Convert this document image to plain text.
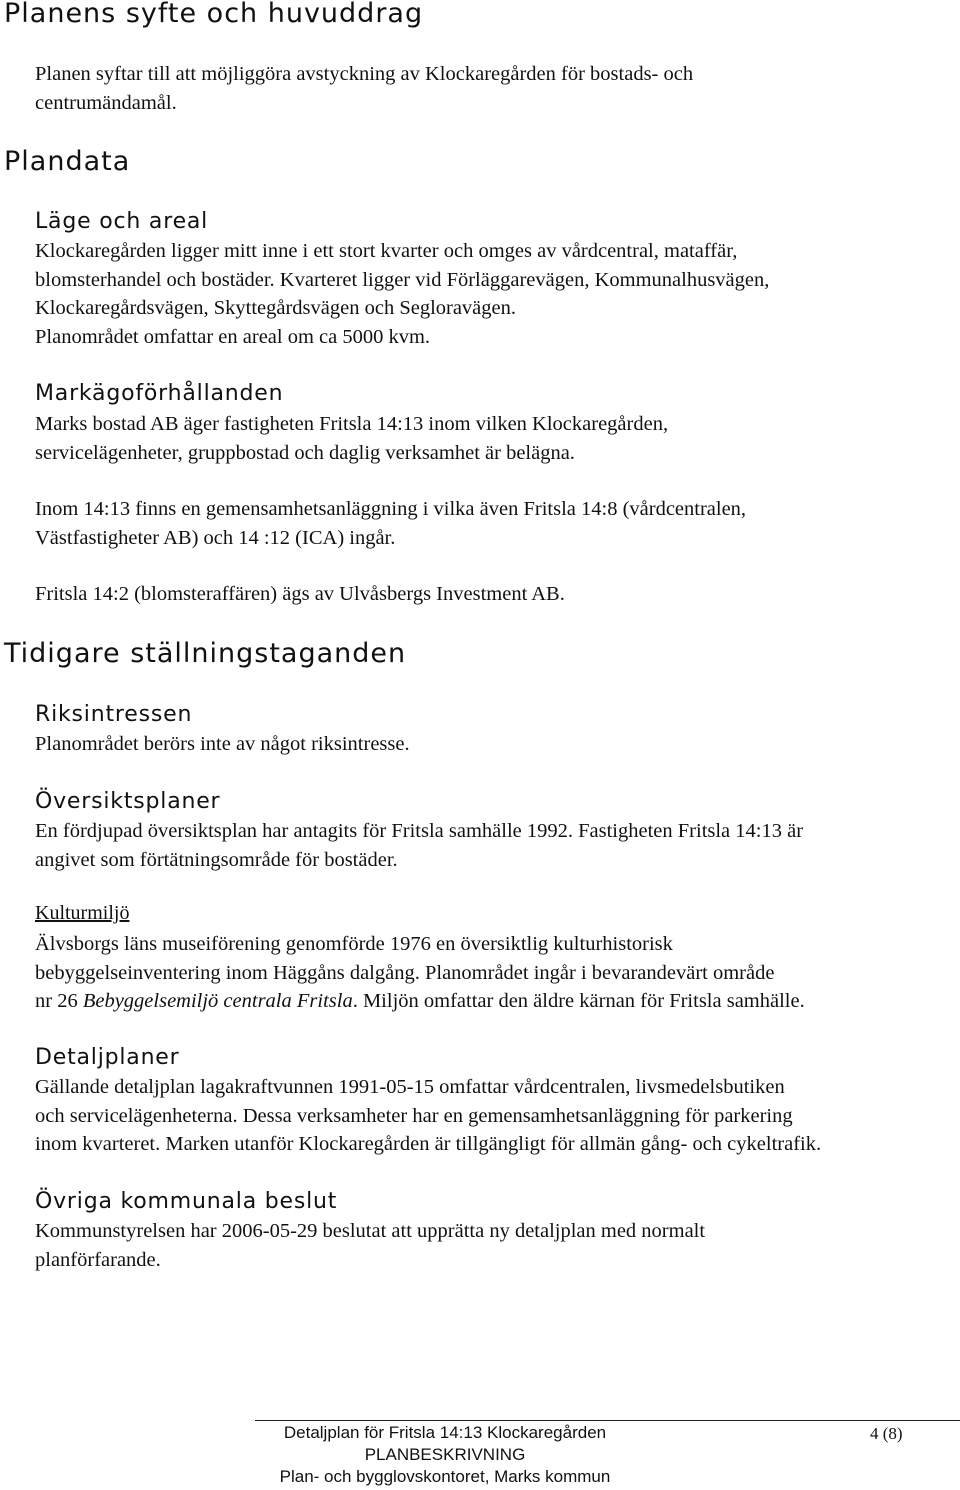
Planens syfte och huvuddrag
Planen syftar till att möjliggöra avstyckning av Klockaregården för bostads- och
centrumändamål.
Plandata
Läge och areal
Klockaregården ligger mitt inne i ett stort kvarter och omges av vårdcentral, mataffär,
blomsterhandel och bostäder. Kvarteret ligger vid Förläggarevägen, Kommunalhusvägen,
Klockaregårdsvägen, Skyttegårdsvägen och Segloravägen.
Planområdet omfattar en areal om ca 5000 kvm.
Markägoförhållanden
Marks bostad AB äger fastigheten Fritsla 14:13 inom vilken Klockaregården,
servicelägenheter, gruppbostad och daglig verksamhet är belägna.
Inom 14:13 finns en gemensamhetsanläggning i vilka även Fritsla 14:8 (vårdcentralen,
Västfastigheter AB) och 14 :12 (ICA) ingår.
Fritsla 14:2 (blomsteraffären) ägs av Ulvåsbergs Investment AB.
Tidigare ställningstaganden
Riksintressen
Planområdet berörs inte av något riksintresse.
Översiktsplaner
En fördjupad översiktsplan har antagits för Fritsla samhälle 1992. Fastigheten Fritsla 14:13 är
angivet som förtätningsområde för bostäder.
Kulturmiljö
Älvsborgs läns museiförening genomförde 1976 en översiktlig kulturhistorisk
bebyggelseinventering inom Häggåns dalgång. Planområdet ingår i bevarandevärt område
nr 26 Bebyggelsemiljö centrala Fritsla. Miljön omfattar den äldre kärnan för Fritsla samhälle.
Detaljplaner
Gällande detaljplan lagakraftvunnen 1991-05-15 omfattar vårdcentralen, livsmedelsbutiken
och servicelägenheterna. Dessa verksamheter har en gemensamhetsanläggning för parkering
inom kvarteret. Marken utanför Klockaregården är tillgängligt för allmän gång- och cykeltrafik.
Övriga kommunala beslut
Kommunstyrelsen har 2006-05-29 beslutat att upprätta ny detaljplan med normalt
planförfarande.
Detaljplan för Fritsla 14:13 Klockaregården
PLANBESKRIVNING
Plan- och bygglovskontoret, Marks kommun
4 (8)
